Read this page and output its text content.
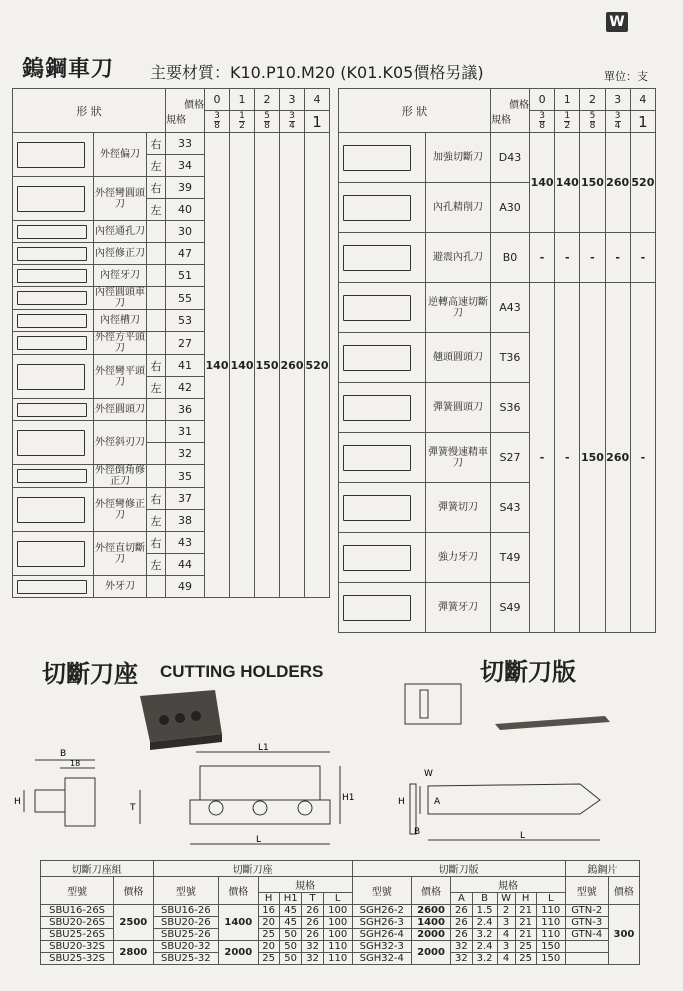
W
鎢鋼車刀 主要材質：K10.P10.M20 (K01.K05價格另議)	單位：支
形 狀			價格
規格	0	1	2	3	4

				$\frac{3}{8}$	$\frac{1}{2}$	$\frac{5}{8}$	$\frac{3}{4}$	1

	外徑偏刀	右	33	140	140	150	260	520
		左	34					

	外徑彎圓頭刀	右	39					
		左	40					

	內徑通孔刀		30					

	內徑修正刀		47					

	內徑牙刀		51					

	內徑圓頭車刀		55					

	內徑槽刀		53					

	外徑方平頭刀		27					

	外徑彎平頭刀	右	41					
		左	42					

	外徑圓頭刀		36					

	外徑斜刃刀		31					
			32					

	外徑倒角修正刀		35					

	外徑彎修正刀	右	37					
		左	38					

	外徑直切斷刀	右	43					
		左	44					

	外牙刀		49					
形 狀		價格
規格	0	1	2	3	4

			$\frac{3}{8}$	$\frac{1}{2}$	$\frac{5}{8}$	$\frac{3}{4}$	1

	加強切斷刀	D43	140	140	150	260	520

	內孔精削刀	A30					

	避震內孔刀	B0	-	-	-	-	-

	逆轉高速切斷刀	A43	-	-	150	260	-

	翹頭圓頭刀	T36					

	彈簧圓頭刀	S36					

	彈簧慢速精車刀	S27					

	彈簧切刀	S43					

	強力牙刀	T49					

	彈簧牙刀	S49					
切斷刀座 CUTTING HOLDERS	切斷刀版
B
18
H
L1
L
H1
T
W
A
B	L
H
切斷刀座組		切斷刀座						切斷刀版							鎢鋼片	
型號	價格	型號	價格	規格				型號	價格	規格					型號	價格
				H	H1	T	L			A	B	W	H	L		
SBU16-26S	2500	SBU16-26	1400	16	45	26	100	SGH26-2	2600	26	1.5	2	21	110	GTN-2	300
SBU20-26S		SBU20-26		20	45	26	100	SGH26-3	1400	26	2.4	3	21	110	GTN-3	
SBU25-26S		SBU25-26		25	50	26	100	SGH26-4	2000	26	3.2	4	21	110	GTN-4	
SBU20-32S	2800	SBU20-32	2000	20	50	32	110	SGH32-3	2000	32	2.4	3	25	150		
SBU25-32S		SBU25-32		25	50	32	110	SGH32-4		32	3.2	4	25	150		
